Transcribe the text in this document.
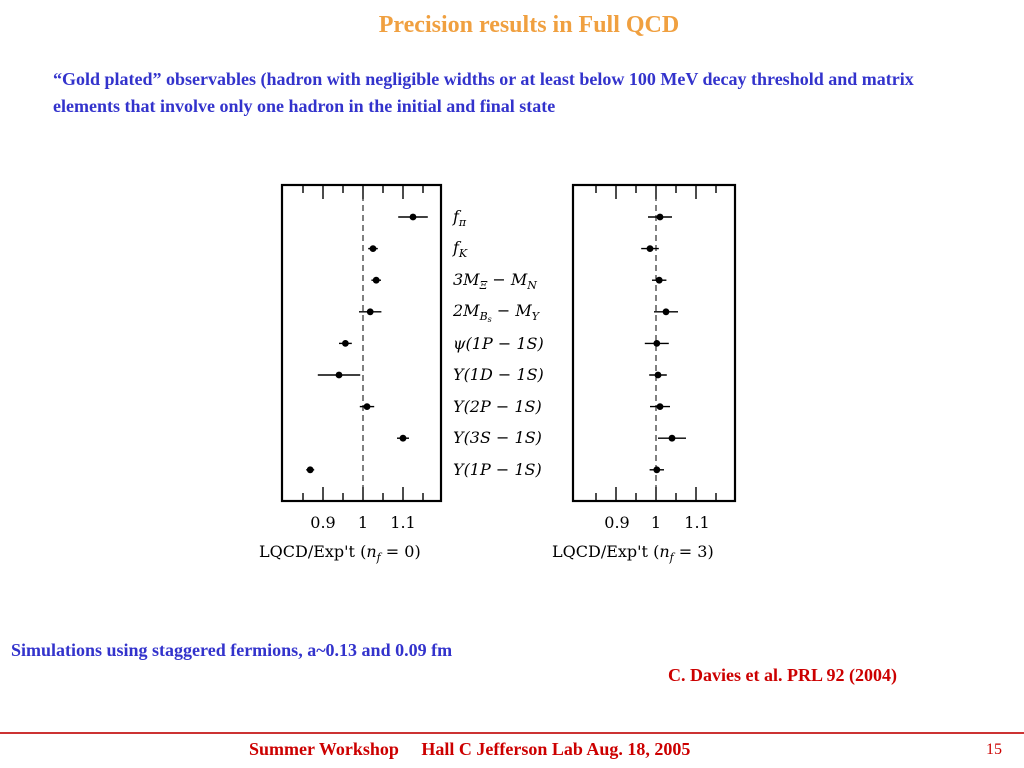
Precision results in Full QCD
“Gold plated” observables (hadron with negligible widths or at least below 100 MeV decay threshold and matrix elements that involve only one hadron in the initial and final state
$f_\pi$
$f_K$
$3M_\Xi - M_N$
$2M_Bs - M_\Upsilon$
ψ(1P − 1S)
Υ(1D − 1S)
Υ(2P − 1S)
Υ(3S − 1S)
Υ(1P − 1S)
0.9 1 1.1
LQCD/Exp't $(n_f = 0)$
0.9 1 1.1
LQCD/Exp't $(n_f = 3)$
Simulations using staggered fermions, a~0.13 and 0.09 fm
C. Davies et al. PRL 92 (2004)
Summer Workshop     Hall C Jefferson Lab Aug. 18, 2005	15
